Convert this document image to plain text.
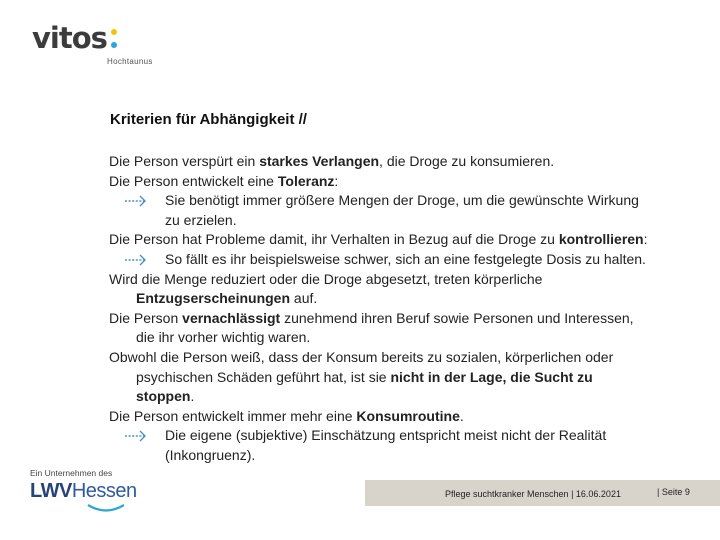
vitos
Hochtaunus
Kriterien für Abhängigkeit //
Die Person verspürt ein starkes Verlangen, die Droge zu konsumieren.
Die Person entwickelt eine Toleranz:
Sie benötigt immer größere Mengen der Droge, um die gewünschte Wirkung
zu erzielen.
Die Person hat Probleme damit, ihr Verhalten in Bezug auf die Droge zu kontrollieren:
So fällt es ihr beispielsweise schwer, sich an eine festgelegte Dosis zu halten.
Wird die Menge reduziert oder die Droge abgesetzt, treten körperliche
Entzugserscheinungen auf.
Die Person vernachlässigt zunehmend ihren Beruf sowie Personen und Interessen,
die ihr vorher wichtig waren.
Obwohl die Person weiß, dass der Konsum bereits zu sozialen, körperlichen oder
psychischen Schäden geführt hat, ist sie nicht in der Lage, die Sucht zu
stoppen.
Die Person entwickelt immer mehr eine Konsumroutine.
Die eigene (subjektive) Einschätzung entspricht meist nicht der Realität
(Inkongruenz).
Ein Unternehmen des
LWVHessen	Pflege suchtkranker Menschen | 16.06.2021	| Seite 9
